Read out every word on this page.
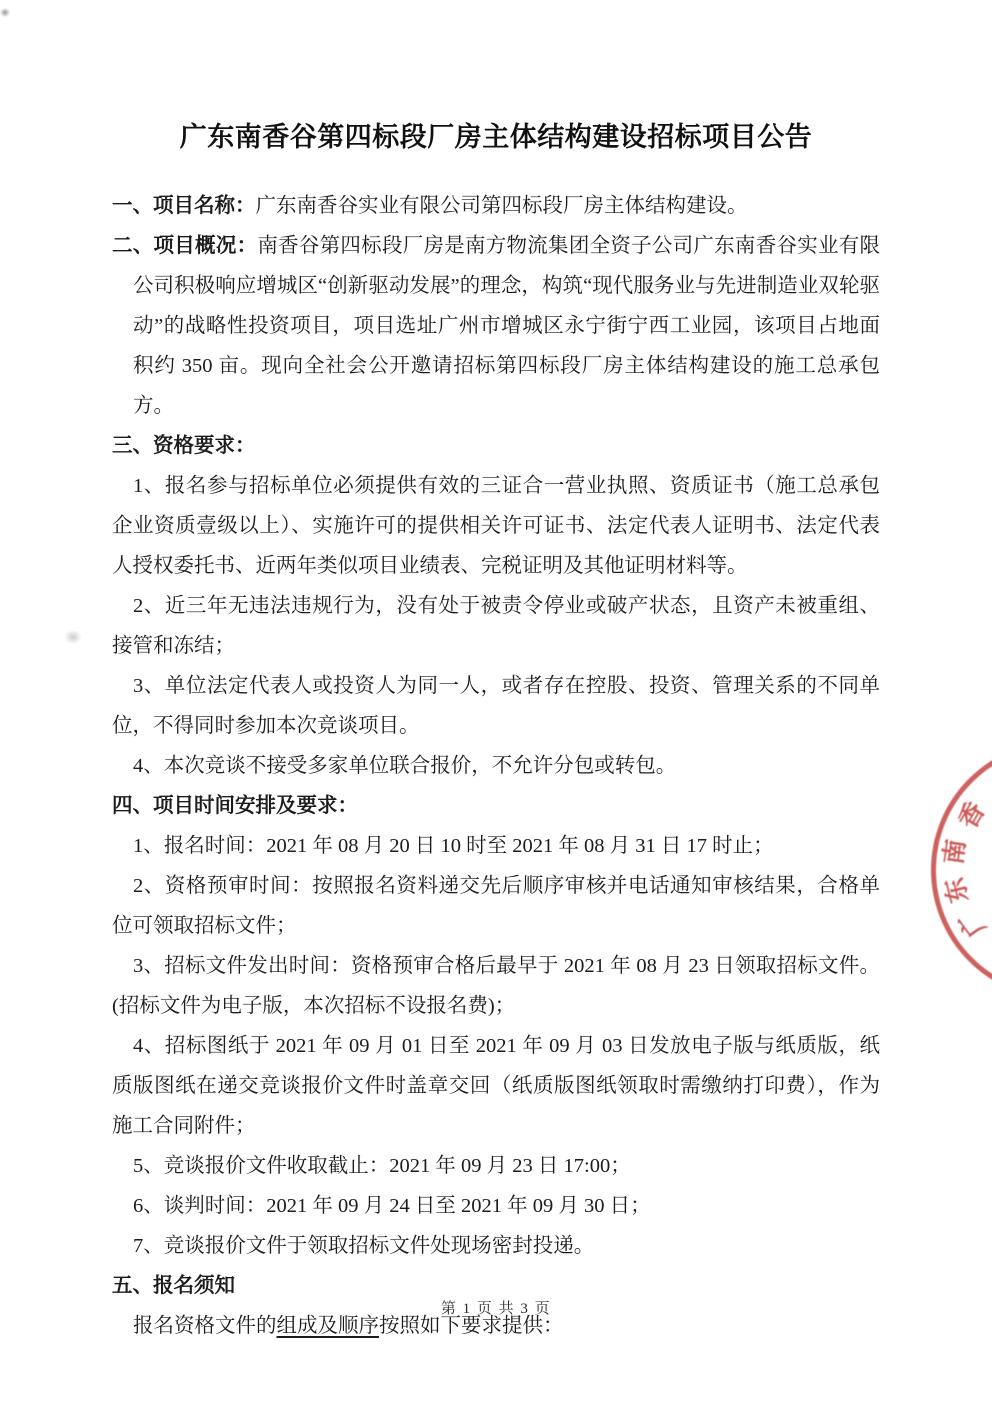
广东南香谷第四标段厂房主体结构建设招标项目公告

一、项目名称：广东南香谷实业有限公司第四标段厂房主体结构建设。

二、项目概况：南香谷第四标段厂房是南方物流集团全资子公司广东南香谷实业有限公司积极响应增城区“创新驱动发展”的理念，构筑“现代服务业与先进制造业双轮驱动”的战略性投资项目，项目选址广州市增城区永宁街宁西工业园，该项目占地面积约 350 亩。现向全社会公开邀请招标第四标段厂房主体结构建设的施工总承包方。

三、资格要求：

1、报名参与招标单位必须提供有效的三证合一营业执照、资质证书（施工总承包企业资质壹级以上）、实施许可的提供相关许可证书、法定代表人证明书、法定代表人授权委托书、近两年类似项目业绩表、完税证明及其他证明材料等。

2、近三年无违法违规行为，没有处于被责令停业或破产状态，且资产未被重组、接管和冻结；

3、单位法定代表人或投资人为同一人，或者存在控股、投资、管理关系的不同单位，不得同时参加本次竞谈项目。

4、本次竞谈不接受多家单位联合报价，不允许分包或转包。

四、项目时间安排及要求：

1、报名时间：2021 年 08 月 20 日 10 时至 2021 年 08 月 31 日 17 时止；

2、资格预审时间：按照报名资料递交先后顺序审核并电话通知审核结果，合格单位可领取招标文件；

3、招标文件发出时间：资格预审合格后最早于 2021 年 08 月 23 日领取招标文件。(招标文件为电子版，本次招标不设报名费)；

4、招标图纸于 2021 年 09 月 01 日至 2021 年 09 月 03 日发放电子版与纸质版，纸质版图纸在递交竞谈报价文件时盖章交回（纸质版图纸领取时需缴纳打印费），作为施工合同附件；

5、竞谈报价文件收取截止：2021 年 09 月 23 日 17:00；

6、谈判时间：2021 年 09 月 24 日至 2021 年 09 月 30 日；

7、竞谈报价文件于领取招标文件处现场密封投递。

五、报名须知

报名资格文件的组成及顺序按照如下要求提供：

香
南
东
广
第 1 页 共 3 页
